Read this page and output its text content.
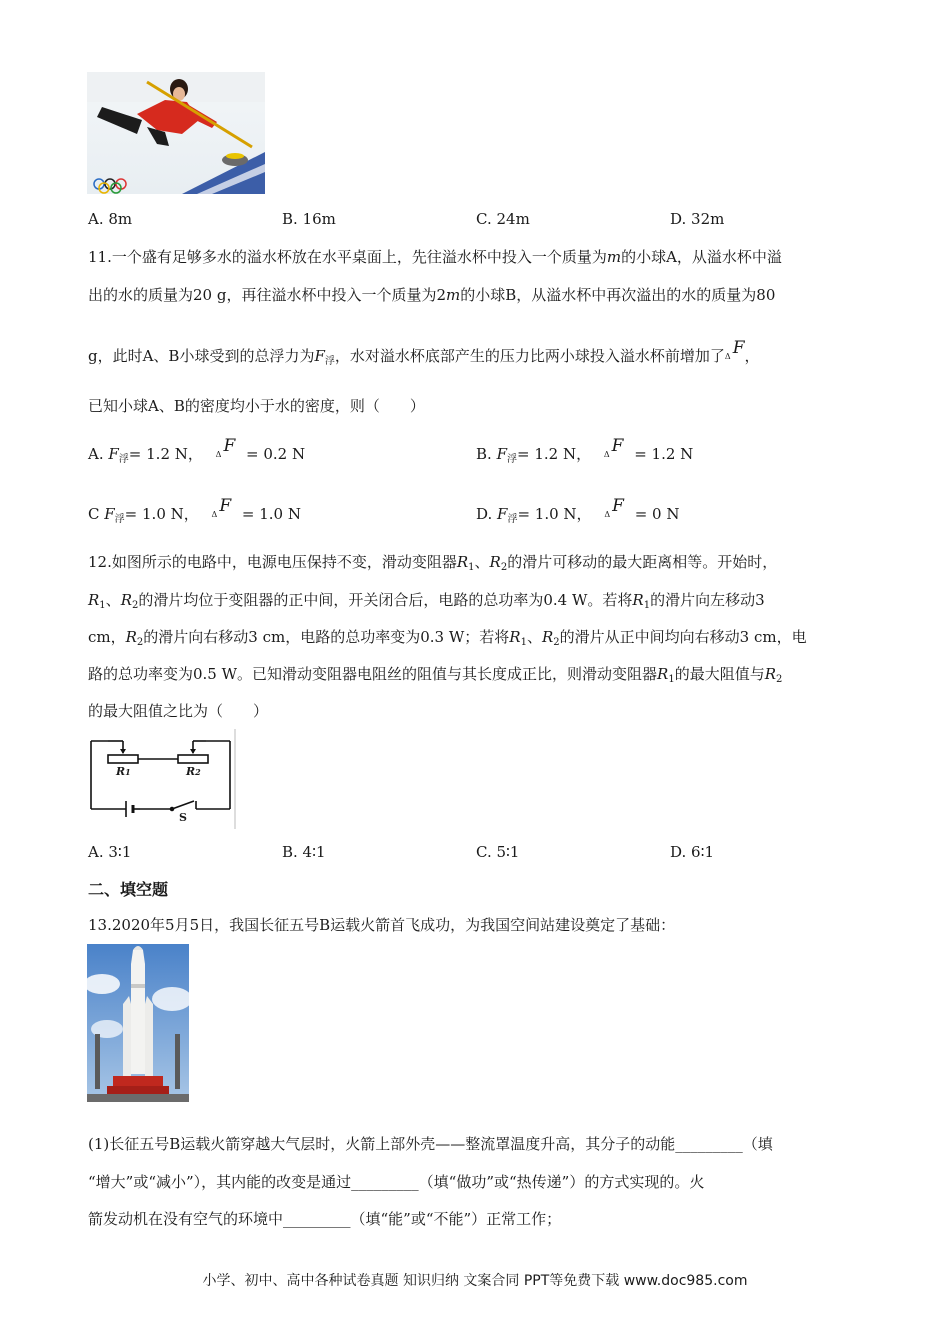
A. 8m	B. 16m	C. 24m	D. 32m
11.一个盛有足够多水的溢水杯放在水平桌面上，先往溢水杯中投入一个质量为m的小球A，从溢水杯中溢
出的水的质量为20 g，再往溢水杯中投入一个质量为2m的小球B，从溢水杯中再次溢出的水的质量为80
g，此时A、B小球受到的总浮力为$F_浮$，水对溢水杯底部产生的压力比两小球投入溢水杯前增加了Δ F，
已知小球A、B的密度均小于水的密度，则（　　）
A. $F_浮= 1.2$ N， Δ F = 0.2 N	B. $F_浮= 1.2$ N， Δ F = 1.2 N
C $F_浮= 1.0$ N， Δ F = 1.0 N	D. $F_浮= 1.0$ N， Δ F = 0 N
12.如图所示的电路中，电源电压保持不变，滑动变阻器$R_1$、$R_2$的滑片可移动的最大距离相等。开始时，
$R_1$、$R_2$的滑片均位于变阻器的正中间，开关闭合后，电路的总功率为0.4 W。若将$R_1$的滑片向左移动3
cm，$R_2$的滑片向右移动3 cm，电路的总功率变为0.3 W；若将$R_1$、$R_2$的滑片从正中间均向右移动3 cm，电
路的总功率变为0.5 W。已知滑动变阻器电阻丝的阻值与其长度成正比，则滑动变阻器$R_1$的最大阻值与$R_2$
的最大阻值之比为（　　）
R1	R2
S
A. 3∶1	B. 4∶1	C. 5∶1	D. 6∶1
二、填空题
13.2020年5月5日，我国长征五号B运载火箭首飞成功，为我国空间站建设奠定了基础：
(1)长征五号B运载火箭穿越大气层时，火箭上部外壳——整流罩温度升高，其分子的动能_________（填
“增大”或“减小”），其内能的改变是通过_________（填“做功”或“热传递”）的方式实现的。火
箭发动机在没有空气的环境中_________（填“能”或“不能”）正常工作；
小学、初中、高中各种试卷真题 知识归纳 文案合同 PPT等免费下载 www.doc985.com
